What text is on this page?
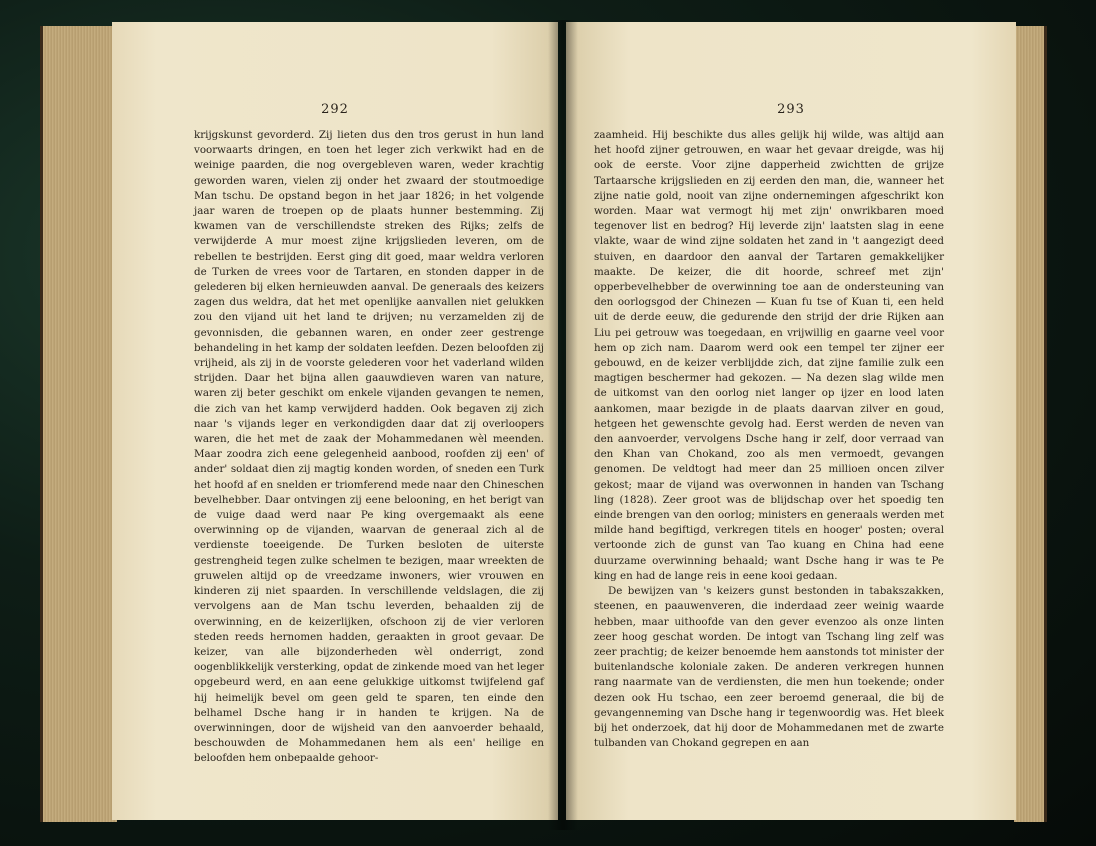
292

krijgskunst gevorderd. Zij lieten dus den tros gerust in hun land voorwaarts dringen, en toen het leger zich verkwikt had en de weinige paarden, die nog overgebleven waren, weder krachtig geworden waren, vielen zij onder het zwaard der stoutmoedige Man tschu. De opstand begon in het jaar 1826; in het volgende jaar waren de troepen op de plaats hunner bestemming. Zij kwamen van de verschillendste streken des Rijks; zelfs de verwijderde A mur moest zijne krijgslieden leveren, om de rebellen te bestrijden. Eerst ging dit goed, maar weldra verloren de Turken de vrees voor de Tartaren, en stonden dapper in de gelederen bij elken hernieuwden aanval. De generaals des keizers zagen dus weldra, dat het met openlijke aanvallen niet gelukken zou den vijand uit het land te drijven; nu verzamelden zij de gevonnisden, die gebannen waren, en onder zeer gestrenge behandeling in het kamp der soldaten leefden. Dezen beloofden zij vrijheid, als zij in de voorste gelederen voor het vaderland wilden strijden. Daar het bijna allen gaauwdieven waren van nature, waren zij beter geschikt om enkele vijanden gevangen te nemen, die zich van het kamp verwijderd hadden. Ook begaven zij zich naar 's vijands leger en verkondigden daar dat zij overloopers waren, die het met de zaak der Mohammedanen wèl meenden. Maar zoodra zich eene gelegenheid aanbood, roofden zij een' of ander' soldaat dien zij magtig konden worden, of sneden een Turk het hoofd af en snelden er triomferend mede naar den Chineschen bevelhebber. Daar ontvingen zij eene belooning, en het berigt van de vuige daad werd naar Pe king overgemaakt als eene overwinning op de vijanden, waarvan de generaal zich al de verdienste toeeigende. De Turken besloten de uiterste gestrengheid tegen zulke schelmen te bezigen, maar wreekten de gruwelen altijd op de vreedzame inwoners, wier vrouwen en kinderen zij niet spaarden. In verschillende veldslagen, die zij vervolgens aan de Man tschu leverden, behaalden zij de overwinning, en de keizerlijken, ofschoon zij de vier verloren steden reeds hernomen hadden, geraakten in groot gevaar. De keizer, van alle bijzonderheden wèl onderrigt, zond oogenblikkelijk versterking, opdat de zinkende moed van het leger opgebeurd werd, en aan eene gelukkige uitkomst twijfelend gaf hij heimelijk bevel om geen geld te sparen, ten einde den belhamel Dsche hang ir in handen te krijgen. Na de overwinningen, door de wijsheid van den aanvoerder behaald, beschouwden de Mohammedanen hem als een' heilige en beloofden hem onbepaalde gehoor-

293

zaamheid. Hij beschikte dus alles gelijk hij wilde, was altijd aan het hoofd zijner getrouwen, en waar het gevaar dreigde, was hij ook de eerste. Voor zijne dapperheid zwichtten de grijze Tartaarsche krijgslieden en zij eerden den man, die, wanneer het zijne natie gold, nooit van zijne ondernemingen afgeschrikt kon worden. Maar wat vermogt hij met zijn' onwrikbaren moed tegenover list en bedrog? Hij leverde zijn' laatsten slag in eene vlakte, waar de wind zijne soldaten het zand in 't aangezigt deed stuiven, en daardoor den aanval der Tartaren gemakkelijker maakte. De keizer, die dit hoorde, schreef met zijn' opperbevelhebber de overwinning toe aan de ondersteuning van den oorlogsgod der Chinezen — Kuan fu tse of Kuan ti, een held uit de derde eeuw, die gedurende den strijd der drie Rijken aan Liu pei getrouw was toegedaan, en vrijwillig en gaarne veel voor hem op zich nam. Daarom werd ook een tempel ter zijner eer gebouwd, en de keizer verblijdde zich, dat zijne familie zulk een magtigen beschermer had gekozen. — Na dezen slag wilde men de uitkomst van den oorlog niet langer op ijzer en lood laten aankomen, maar bezigde in de plaats daarvan zilver en goud, hetgeen het gewenschte gevolg had. Eerst werden de neven van den aanvoerder, vervolgens Dsche hang ir zelf, door verraad van den Khan van Chokand, zoo als men vermoedt, gevangen genomen. De veldtogt had meer dan 25 millioen oncen zilver gekost; maar de vijand was overwonnen in handen van Tschang ling (1828). Zeer groot was de blijdschap over het spoedig ten einde brengen van den oorlog; ministers en generaals werden met milde hand begiftigd, verkregen titels en hooger' posten; overal vertoonde zich de gunst van Tao kuang en China had eene duurzame overwinning behaald; want Dsche hang ir was te Pe king en had de lange reis in eene kooi gedaan.

De bewijzen van 's keizers gunst bestonden in tabakszakken, steenen, en paauwenveren, die inderdaad zeer weinig waarde hebben, maar uithoofde van den gever evenzoo als onze linten zeer hoog geschat worden. De intogt van Tschang ling zelf was zeer prachtig; de keizer benoemde hem aanstonds tot minister der buitenlandsche koloniale zaken. De anderen verkregen hunnen rang naarmate van de verdiensten, die men hun toekende; onder dezen ook Hu tschao, een zeer beroemd generaal, die bij de gevangenneming van Dsche hang ir tegenwoordig was. Het bleek bij het onderzoek, dat hij door de Mohammedanen met de zwarte tulbanden van Chokand gegrepen en aan
